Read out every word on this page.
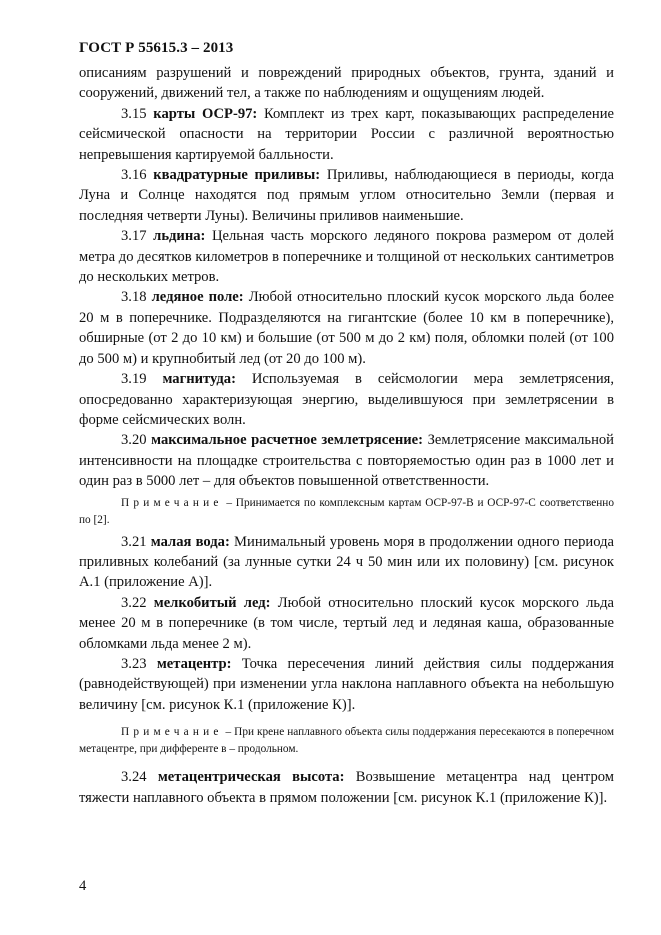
ГОСТ Р 55615.3 – 2013

описаниям разрушений и повреждений природных объектов, грунта, зданий и сооружений, движений тел, а также по наблюдениям и ощущениям людей.

3.15 карты ОСР-97: Комплект из трех карт, показывающих распределение сейсмической опасности на территории России с различной вероятностью непревышения картируемой балльности.

3.16 квадратурные приливы: Приливы, наблюдающиеся в периоды, когда Луна и Солнце находятся под прямым углом относительно Земли (первая и последняя четверти Луны). Величины приливов наименьшие.

3.17 льдина: Цельная часть морского ледяного покрова размером от долей метра до десятков километров в поперечнике и толщиной от нескольких сантиметров до нескольких метров.

3.18 ледяное поле: Любой относительно плоский кусок морского льда более 20 м в поперечнике. Подразделяются на гигантские (более 10 км в поперечнике), обширные (от 2 до 10 км) и большие (от 500 м до 2 км) поля, обломки полей (от 100 до 500 м) и крупнобитый лед (от 20 до 100 м).

3.19 магнитуда: Используемая в сейсмологии мера землетрясения, опосредованно характеризующая энергию, выделившуюся при землетрясении в форме сейсмических волн.

3.20 максимальное расчетное землетрясение: Землетрясение максимальной интенсивности на площадке строительства с повторяемостью один раз в 1000 лет и один раз в 5000 лет – для объектов повышенной ответственности.

Примечание – Принимается по комплексным картам ОСР-97-В и ОСР-97-С соответственно по [2].

3.21 малая вода: Минимальный уровень моря в продолжении одного периода приливных колебаний (за лунные сутки 24 ч 50 мин или их половину) [см. рисунок А.1 (приложение А)].

3.22 мелкобитый лед: Любой относительно плоский кусок морского льда менее 20 м в поперечнике (в том числе, тертый лед и ледяная каша, образованные обломками льда менее 2 м).

3.23 метацентр: Точка пересечения линий действия силы поддержания (равнодействующей) при изменении угла наклона наплавного объекта на небольшую величину [см. рисунок К.1 (приложение К)].

Примечание – При крене наплавного объекта силы поддержания пересекаются в поперечном метацентре, при дифференте в – продольном.

3.24 метацентрическая высота: Возвышение метацентра над центром тяжести наплавного объекта в прямом положении [см. рисунок К.1 (приложение К)].

4
